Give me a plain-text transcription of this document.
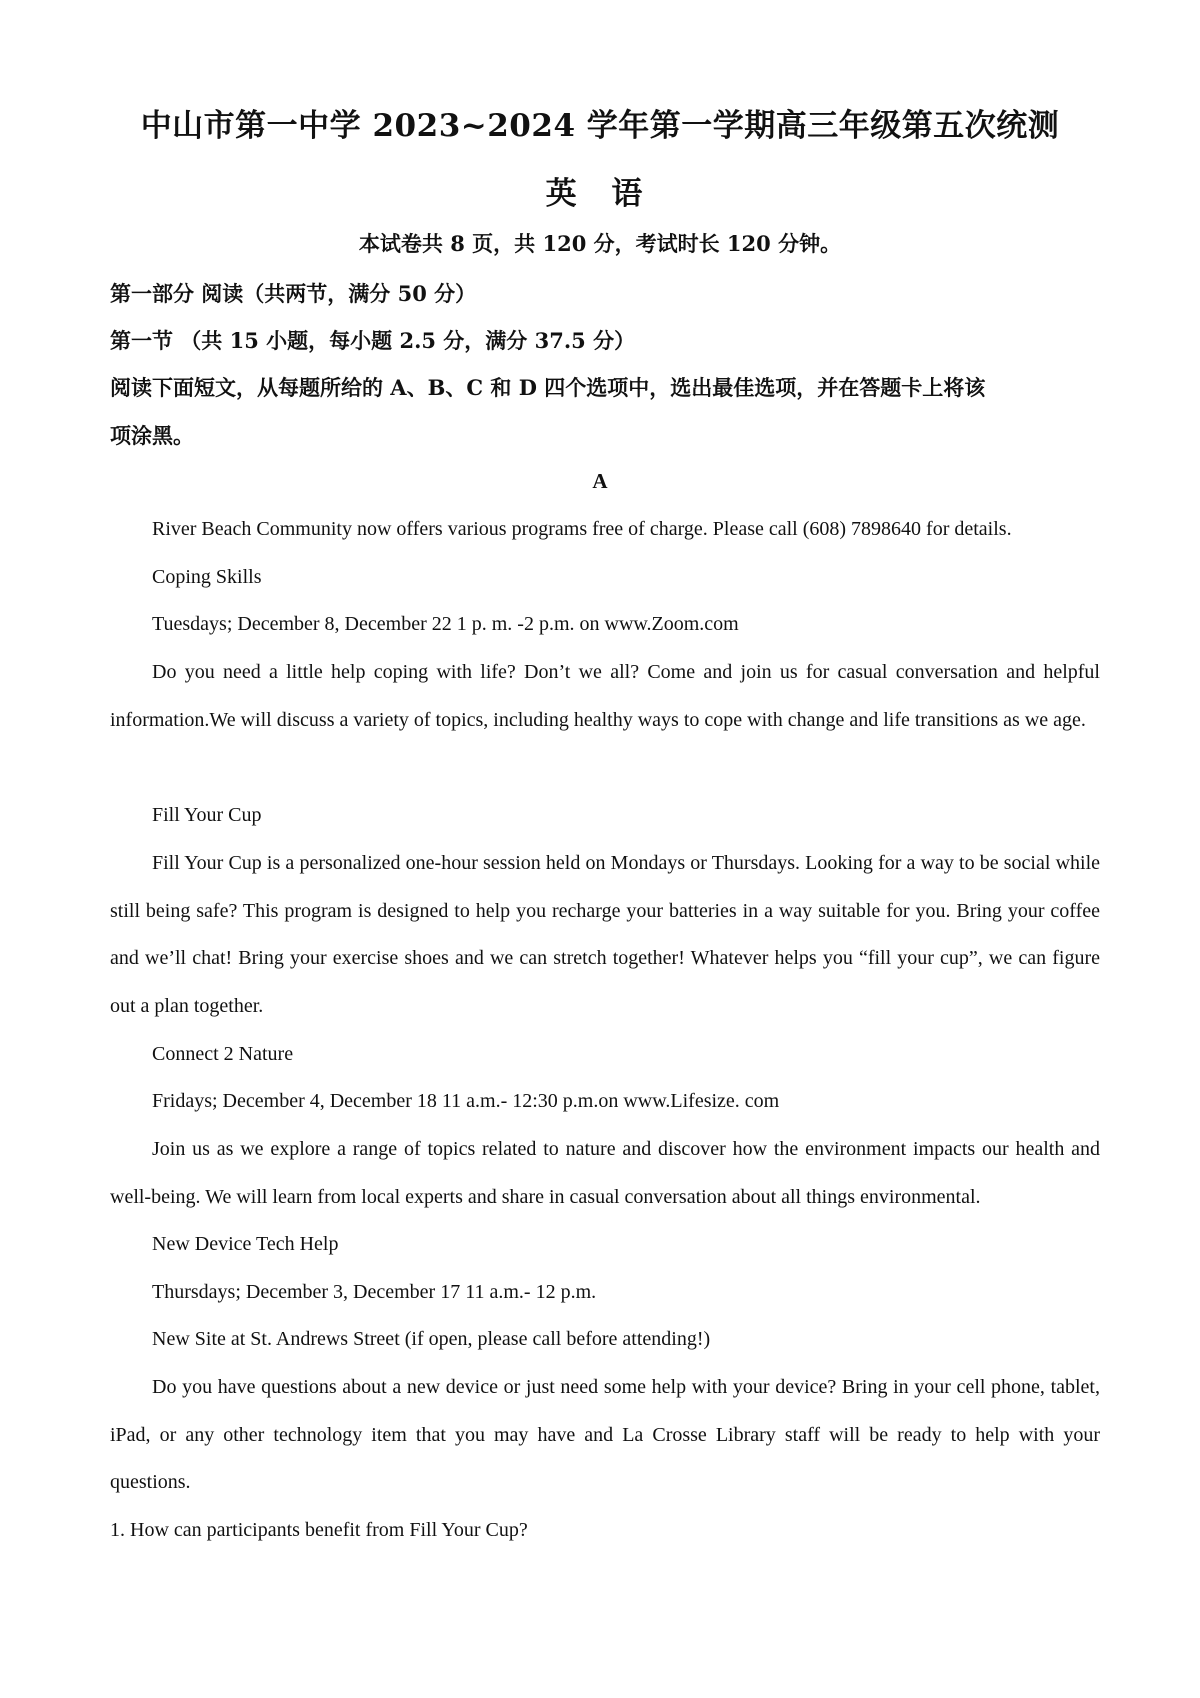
中山市第一中学 2023~2024 学年第一学期高三年级第五次统测
英 语
本试卷共 8 页，共 120 分，考试时长 120 分钟。
第一部分 阅读（共两节，满分 50 分）
第一节 （共 15 小题，每小题 2.5 分，满分 37.5 分）
阅读下面短文，从每题所给的 A、B、C 和 D 四个选项中，选出最佳选项，并在答题卡上将该
项涂黑。
A
River Beach Community now offers various programs free of charge. Please call (608) 7898640 for details.
Coping Skills
Tuesdays; December 8, December 22 1 p. m. -2 p.m. on www.Zoom.com

Do you need a little help coping with life? Don’t we all? Come and join us for casual conversation and helpful information.We will discuss a variety of topics, including healthy ways to cope with change and life transitions as we age.

Fill Your Cup

Fill Your Cup is a personalized one-hour session held on Mondays or Thursdays. Looking for a way to be social while still being safe? This program is designed to help you recharge your batteries in a way suitable for you. Bring your coffee and we’ll chat! Bring your exercise shoes and we can stretch together! Whatever helps you “fill your cup”, we can figure out a plan together.

Connect 2 Nature
Fridays; December 4, December 18 11 a.m.- 12:30 p.m.on www.Lifesize. com

Join us as we explore a range of topics related to nature and discover how the environment impacts our health and well-being. We will learn from local experts and share in casual conversation about all things environmental.

New Device Tech Help
Thursdays; December 3, December 17 11 a.m.- 12 p.m.
New Site at St. Andrews Street (if open, please call before attending!)

Do you have questions about a new device or just need some help with your device? Bring in your cell phone, tablet, iPad, or any other technology item that you may have and La Crosse Library staff will be ready to help with your questions.

1. How can participants benefit from Fill Your Cup?
